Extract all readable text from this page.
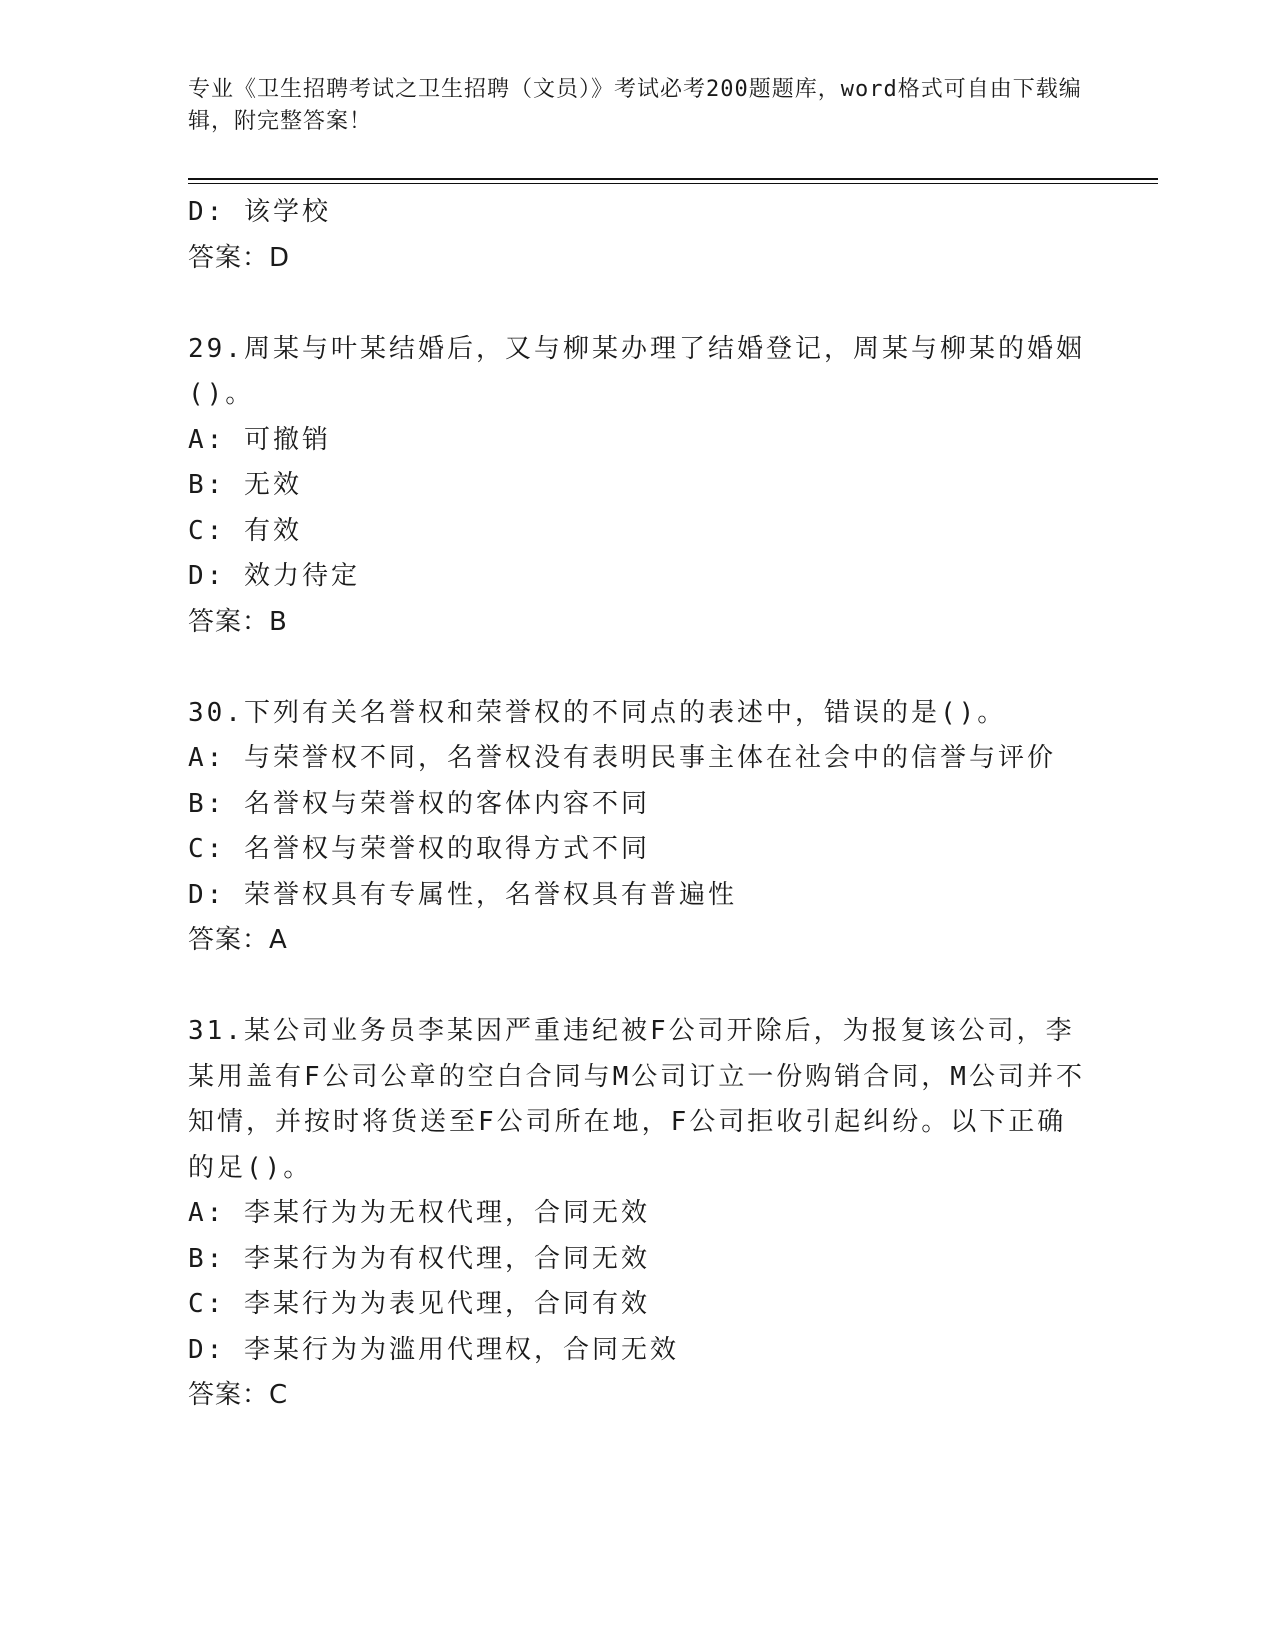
专业《卫生招聘考试之卫生招聘（文员）》考试必考200题题库，word格式可自由下载编辑，附完整答案！
D: 该学校
答案：D
29.周某与叶某结婚后，又与柳某办理了结婚登记，周某与柳某的婚姻()。
A: 可撤销
B: 无效
C: 有效
D: 效力待定
答案：B
30.下列有关名誉权和荣誉权的不同点的表述中，错误的是()。
A: 与荣誉权不同，名誉权没有表明民事主体在社会中的信誉与评价
B: 名誉权与荣誉权的客体内容不同
C: 名誉权与荣誉权的取得方式不同
D: 荣誉权具有专属性，名誉权具有普遍性
答案：A
31.某公司业务员李某因严重违纪被F公司开除后，为报复该公司，李某用盖有F公司公章的空白合同与M公司订立一份购销合同，M公司并不知情，并按时将货送至F公司所在地，F公司拒收引起纠纷。以下正确的足()。
A: 李某行为为无权代理，合同无效
B: 李某行为为有权代理，合同无效
C: 李某行为为表见代理，合同有效
D: 李某行为为滥用代理权，合同无效
答案：C
